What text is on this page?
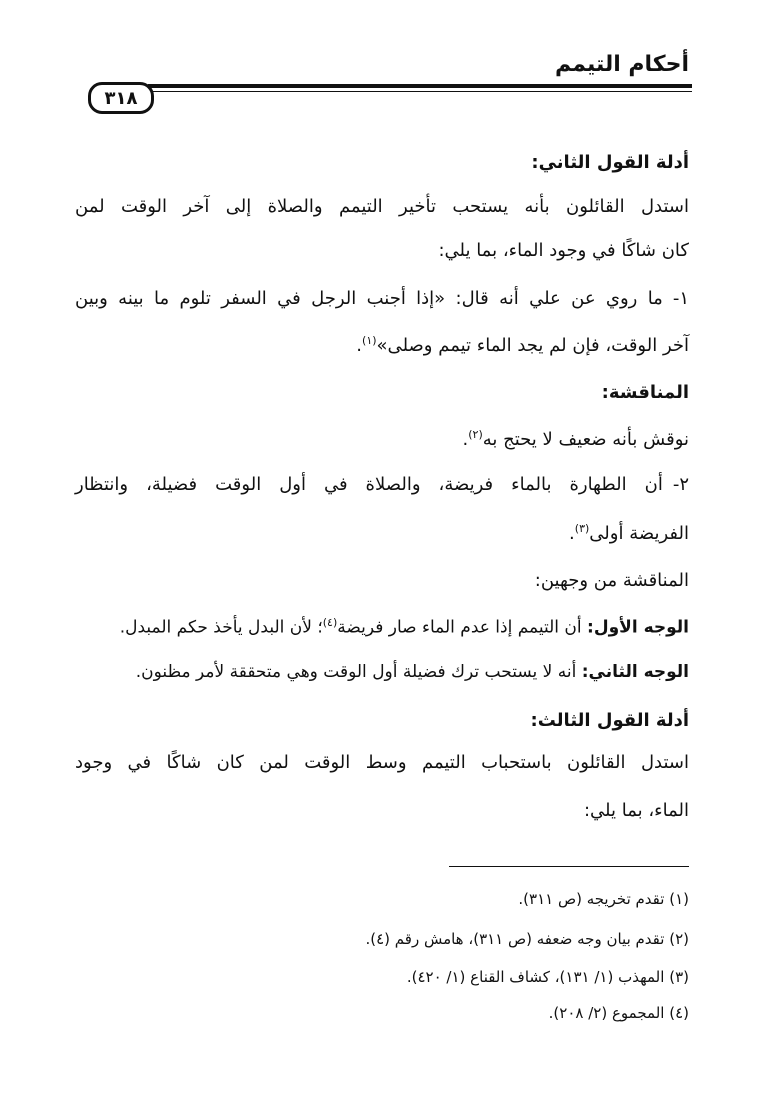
أحكام التيمم
٣١٨
أدلة القول الثاني:
استدل القائلون بأنه يستحب تأخير التيمم والصلاة إلى آخر الوقت لمن
كان شاكًا في وجود الماء، بما يلي:
١-ما روي عن علي أنه قال: «إذا أجنب الرجل في السفر تلوم ما بينه وبين
آخر الوقت، فإن لم يجد الماء تيمم وصلى»$^{(١)}$.
المناقشة:
نوقش بأنه ضعيف لا يحتج به$^{(٢)}$.
٢-أن الطهارة بالماء فريضة، والصلاة في أول الوقت فضيلة، وانتظار
الفريضة أولى$^{(٣)}$.
المناقشة من وجهين:
الوجه الأول: أن التيمم إذا عدم الماء صار فريضة$^{(٤)}$؛ لأن البدل يأخذ حكم المبدل.
الوجه الثاني: أنه لا يستحب ترك فضيلة أول الوقت وهي متحققة لأمر مظنون.
أدلة القول الثالث:
استدل القائلون باستحباب التيمم وسط الوقت لمن كان شاكًا في وجود
الماء، بما يلي:
(١) تقدم تخريجه (ص ٣١١).
(٢) تقدم بيان وجه ضعفه (ص ٣١١)، هامش رقم (٤).
(٣) المهذب (١/ ١٣١)، كشاف القناع (١/ ٤٢٠).
(٤) المجموع (٢/ ٢٠٨).
